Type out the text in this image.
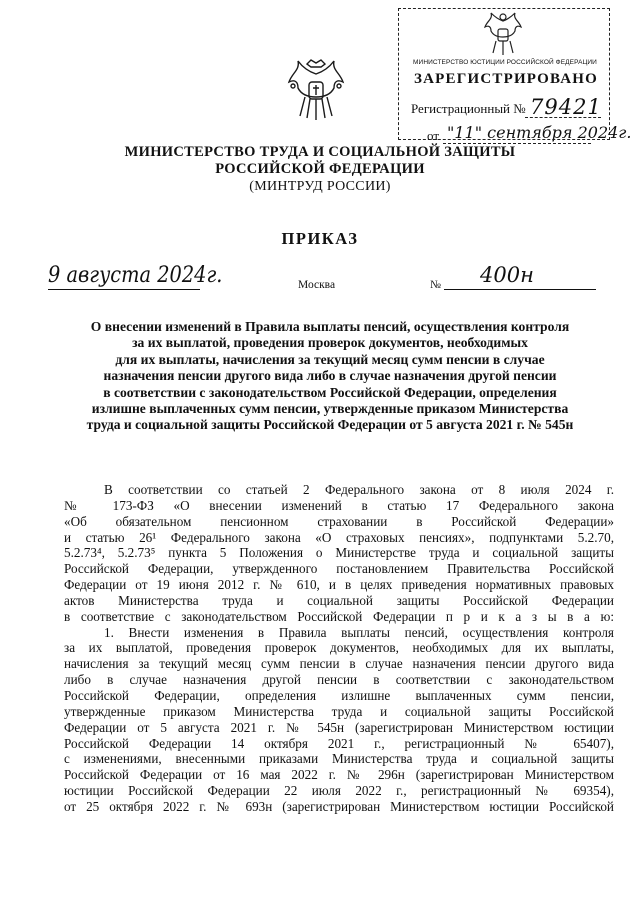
МИНИСТЕРСТВО ЮСТИЦИИ РОССИЙСКОЙ ФЕДЕРАЦИИ
ЗАРЕГИСТРИРОВАНО
Регистрационный № 79421
от "11" сентября 2024г.
МИНИСТЕРСТВО ТРУДА И СОЦИАЛЬНОЙ ЗАЩИТЫ
РОССИЙСКОЙ ФЕДЕРАЦИИ
(МИНТРУД РОССИИ)
ПРИКАЗ
9 августа 2024г.	Москва	№ 400н
О внесении изменений в Правила выплаты пенсий, осуществления контроля
за их выплатой, проведения проверок документов, необходимых
для их выплаты, начисления за текущий месяц сумм пенсии в случае
назначения пенсии другого вида либо в случае назначения другой пенсии
в соответствии с законодательством Российской Федерации, определения
излишне выплаченных сумм пенсии, утвержденные приказом Министерства
труда и социальной защиты Российской Федерации от 5 августа 2021 г. № 545н
В соответствии со статьей 2 Федерального закона от 8 июля 2024 г.
№ 173-ФЗ «О внесении изменений в статью 17 Федерального закона
«Об обязательном пенсионном страховании в Российской Федерации»
и статью 26¹ Федерального закона «О страховых пенсиях», подпунктами 5.2.70,
5.2.73⁴, 5.2.73⁵ пункта 5 Положения о Министерстве труда и социальной защиты
Российской Федерации, утвержденного постановлением Правительства Российской
Федерации от 19 июня 2012 г. № 610, и в целях приведения нормативных правовых
актов Министерства труда и социальной защиты Российской Федерации
в соответствие с законодательством Российской Федерации п р и к а з ы в а ю:
1. Внести изменения в Правила выплаты пенсий, осуществления контроля
за их выплатой, проведения проверок документов, необходимых для их выплаты,
начисления за текущий месяц сумм пенсии в случае назначения пенсии другого вида
либо в случае назначения другой пенсии в соответствии с законодательством
Российской Федерации, определения излишне выплаченных сумм пенсии,
утвержденные приказом Министерства труда и социальной защиты Российской
Федерации от 5 августа 2021 г. № 545н (зарегистрирован Министерством юстиции
Российской Федерации 14 октября 2021 г., регистрационный № 65407),
с изменениями, внесенными приказами Министерства труда и социальной защиты
Российской Федерации от 16 мая 2022 г. № 296н (зарегистрирован Министерством
юстиции Российской Федерации 22 июля 2022 г., регистрационный № 69354),
от 25 октября 2022 г. № 693н (зарегистрирован Министерством юстиции Российской
